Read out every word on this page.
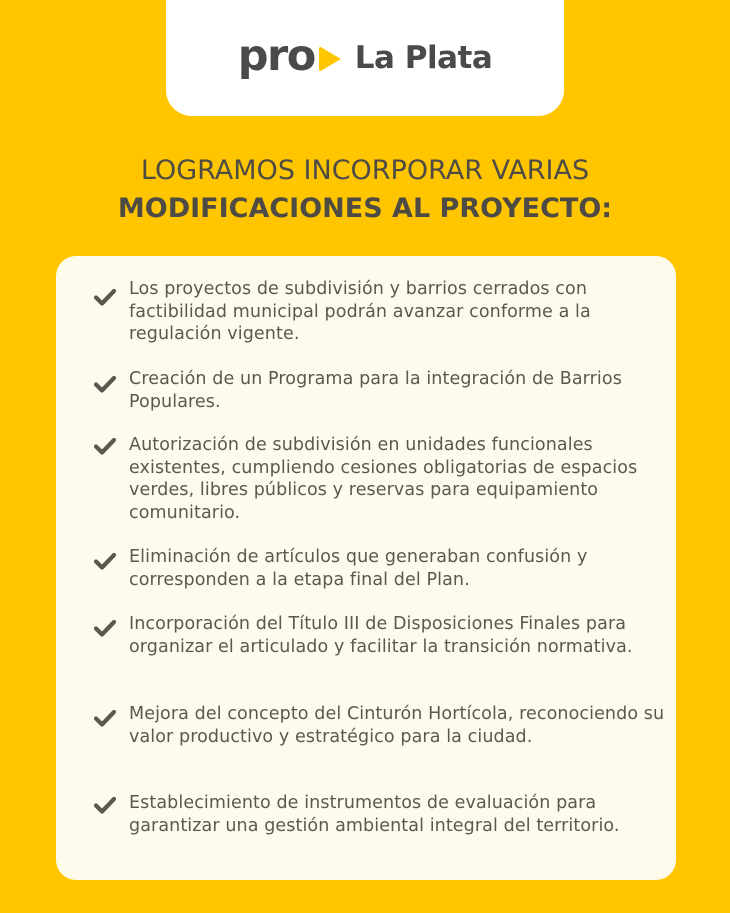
pro La Plata
LOGRAMOS INCORPORAR VARIAS
MODIFICACIONES AL PROYECTO:
Los proyectos de subdivisión y barrios cerrados con factibilidad municipal podrán avanzar conforme a la regulación vigente.
Creación de un Programa para la integración de Barrios Populares.
Autorización de subdivisión en unidades funcionales existentes, cumpliendo cesiones obligatorias de espacios verdes, libres públicos y reservas para equipamiento comunitario.
Eliminación de artículos que generaban confusión y corresponden a la etapa final del Plan.
Incorporación del Título III de Disposiciones Finales para organizar el articulado y facilitar la transición normativa.
Mejora del concepto del Cinturón Hortícola, reconociendo su valor productivo y estratégico para la ciudad.
Establecimiento de instrumentos de evaluación para garantizar una gestión ambiental integral del territorio.
